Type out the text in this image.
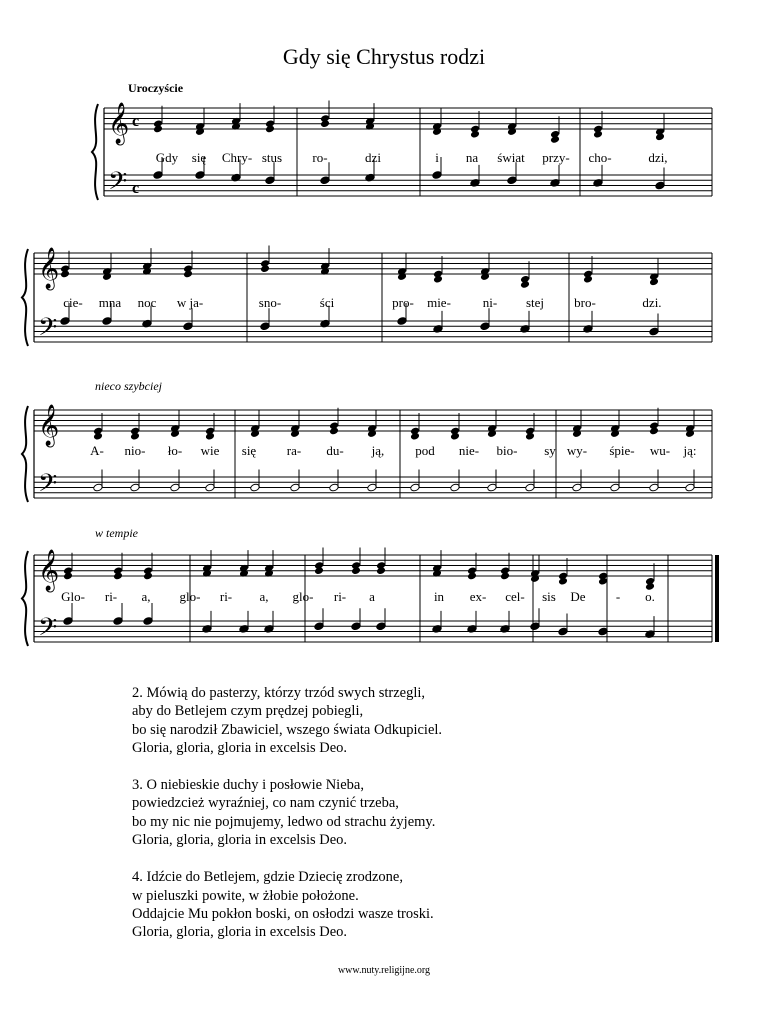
Gdy się Chrystus rodzi
𝄞
𝄢
c
c
Uroczyście
Gdy się Chry- stus ro-	dzi	i na świat przy- cho-	dzi,
𝄞
𝄢
cie- mna noc w ja-	sno-	ści	pro- mie- ni- stej bro-	dzi.
𝄞
𝄢
nieco szybciej
A- nio- ło- wie się ra- du- ją, pod nie- bio- sy wy- śpie- wu- ją:
𝄞
𝄢
w tempie
Glo- ri- a, glo- ri- a, glo- ri- a	in ex- cel- sis De - o.
2. Mówią do pasterzy, którzy trzód swych strzegli,
aby do Betlejem czym prędzej pobiegli,
bo się narodził Zbawiciel, wszego świata Odkupiciel.
Gloria, gloria, gloria in excelsis Deo.
3. O niebieskie duchy i posłowie Nieba,
powiedzcież wyraźniej, co nam czynić trzeba,
bo my nic nie pojmujemy, ledwo od strachu żyjemy.
Gloria, gloria, gloria in excelsis Deo.
4. Idźcie do Betlejem, gdzie Dziecię zrodzone,
w pieluszki powite, w żłobie położone.
Oddajcie Mu pokłon boski, on osłodzi wasze troski.
Gloria, gloria, gloria in excelsis Deo.
www.nuty.religijne.org
